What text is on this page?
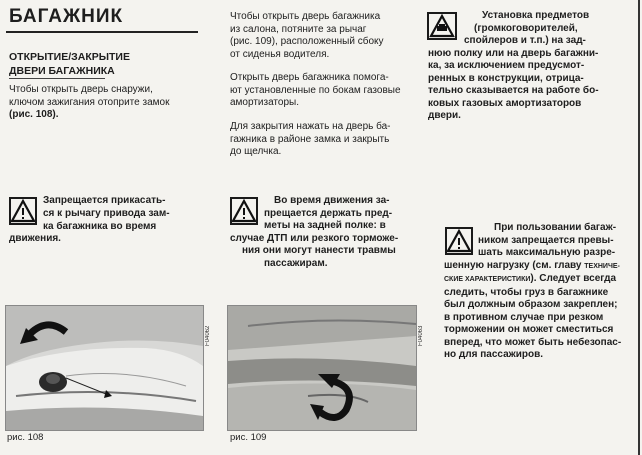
БАГАЖНИК
ОТКРЫТИЕ/ЗАКРЫТИЕ
ДВЕРИ БАГАЖНИКА
Чтобы открыть дверь снаружи,
ключом зажигания отоприте замок
(рис. 108).
Запрещается прикасать-
ся к рычагу привода зам-
ка багажника во время
движения.
F04062
рис. 108
Чтобы открыть дверь багажника
из салона, потяните за рычаг
(рис. 109), расположенный сбоку
от сиденья водителя.
Открыть дверь багажника помога-
ют установленные по бокам газовые
амортизаторы.
Для закрытия нажать на дверь ба-
гажника в районе замка и закрыть
до щелчка.
Во время движения за-
прещается держать пред-
меты на задней полке: в
случае ДТП или резкого торможе-
ния они могут нанести травмы
пассажирам.
F04063
рис. 109
Установка предметов
(громкоговорителей,
спойлеров и т.п.) на зад-
нюю полку или на дверь багажни-
ка, за исключением предусмот-
ренных в конструкции, отрица-
тельно сказывается на работе бо-
ковых газовых амортизаторов
двери.
При пользовании багаж-
ником запрещается превы-
шать максимальную разре-
шенную нагрузку (см. главу ТЕХНИЧЕ-
СКИЕ ХАРАКТЕРИСТИКИ). Следует всегда
следить, чтобы груз в багажнике
был должным образом закреплен;
в противном случае при резком
торможении он может сместиться
вперед, что может быть небезопас-
но для пассажиров.
